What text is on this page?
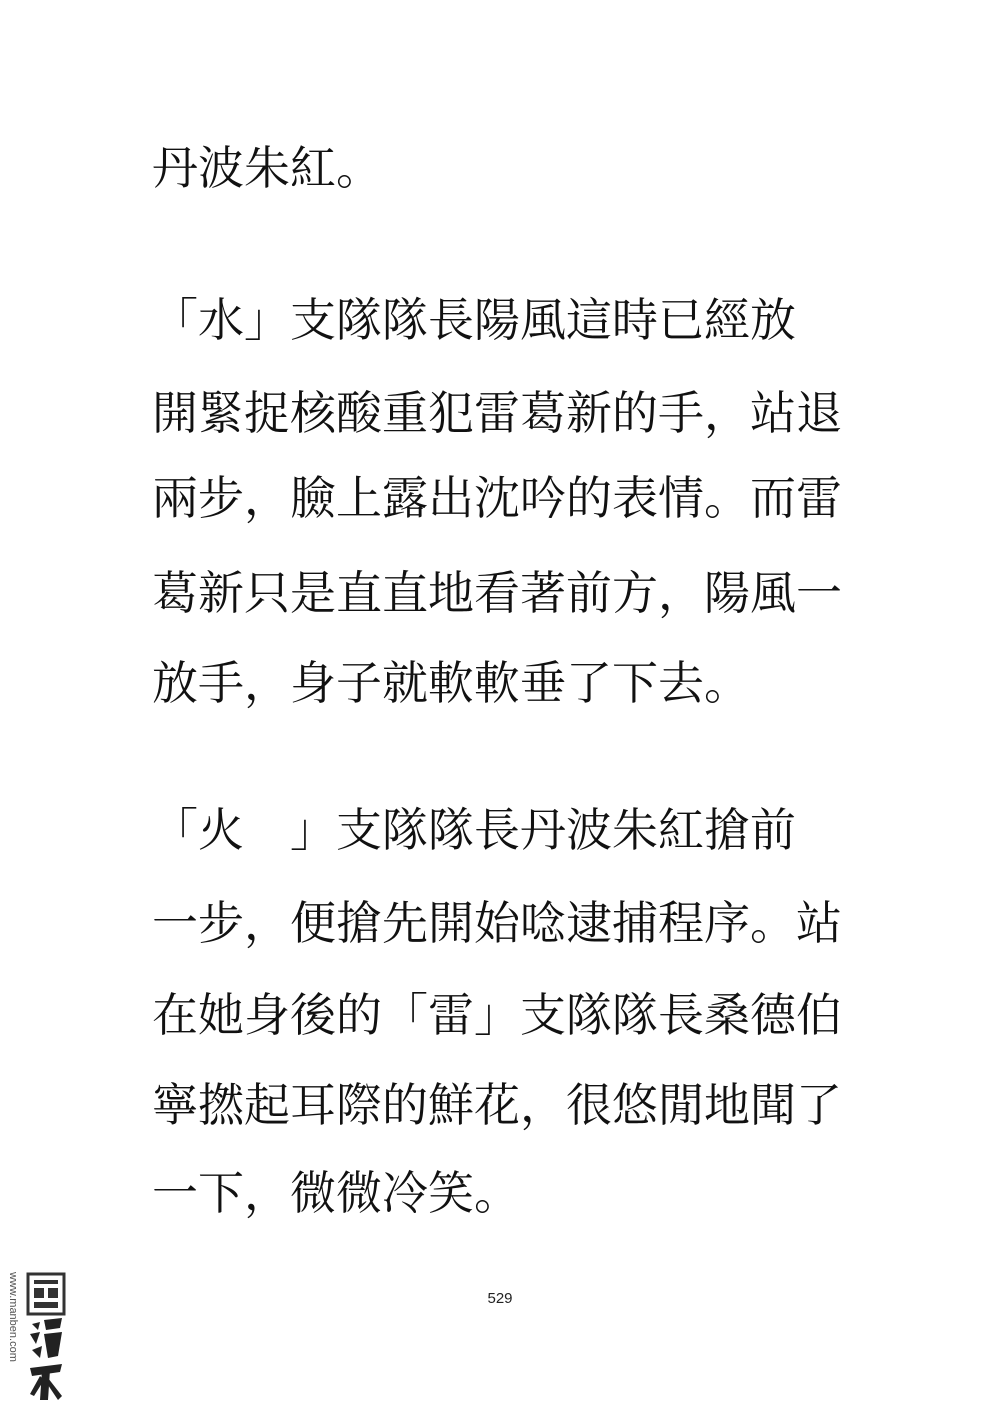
丹波朱紅。
「水」支隊隊長陽風這時已經放
開緊捉核酸重犯雷葛新的手，站退
兩步，臉上露出沈吟的表情。而雷
葛新只是直直地看著前方，陽風一
放手，身子就軟軟垂了下去。
「火　」支隊隊長丹波朱紅搶前
一步，便搶先開始唸逮捕程序。站
在她身後的「雷」支隊隊長桑德伯
寧撚起耳際的鮮花，很悠閒地聞了
一下，微微冷笑。
529
www.manben.com
